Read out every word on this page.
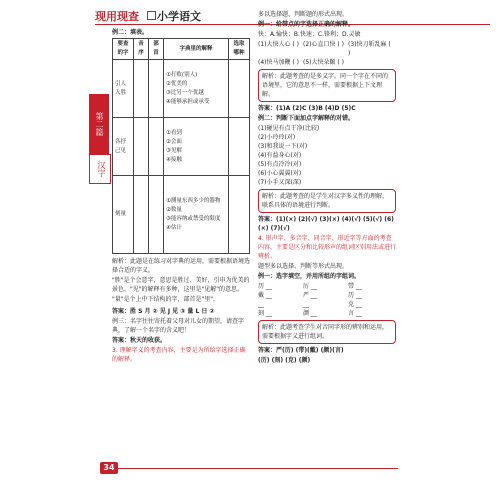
现用现查 小学语文
第二篇
汉字
例二：填表。
要查的字	音序	部首	字典里的解释	选取哪种
引人入胜			①打败(别人)
②优美的
③比另一个优越
④能够承担或承受	

各抒己见			①看到
②会面
③见解
④接触	

刻量			①测量东西多少的器物
②数量
③能容纳或禁受的限度
④估计	

解析：此题是在练习对字典的运用，需要根据语境选择合适的字义。
"胜"是个会意字，意思是胜过、美好，引申为优美的景色。"见"的解释有多种，这里是"见解"的意思。
"量"是个上中下结构的字，部首是"里"，
答案：胜 S 月 ② 见 J 见 ③ 量 L 日 ②
例三：名字往往寄托着父母对儿女的期望，请查字典，了解一个名字的含义吧！
答案：秋天的收获。
3. 理解字义的考查内容，主要是为所给字选择正确的解释。
多以选择题、判断题的形式出现。
例一：给带点的字选择正确的解释。
快：A.愉快；B.快速；C.锋利；D.灵敏
(1)大快人心 ( ) (2)心直口快 ( ) (3)快刀斩乱麻 ( )
(4)快马加鞭 ( ) (5)大快朵颐 ( )
解析：此题考查的是多义字。同一个字在不同的语境里，它的意思不一样，需要根据上下文理解。
答案：(1)A (2)C (3)B (4)D (5)C
例二：判断下面加点字解释的对错。
(1)碰见有点干净(比较)
(2)小玲玲(对)
(3)和我说一下(对)
(4)有益身心(对)
(5)有点冷冷(对)
(6)小心翼翼(对)
(7)小手又深(深)
解析：此题考查的是学生对汉字多义性的理解，联系具体的语境进行判断。
答案：(1)(×) (2)(√) (3)(×) (4)(√) (5)(√) (6)(×) (7)(√)
4. 形声字、多音字、同音字、形近字等方面的考查内容，主要是区分和比较形声的组词区别用法或进行辨析。
题型多以选择、判断等形式出现。
例一：选字填空，并用所组的字组词。
历 __	厉 __	带 __
戴 __	严 __	历 __
__	__	克 __
刻 __	颜 __	言 __
解析：此题考查学生对音同字形的辨别和运用，需要根据字义进行组词。
答案：严(历) (带)(戴) (颜)(言)
(历) (刻) (克) (颜)
34
